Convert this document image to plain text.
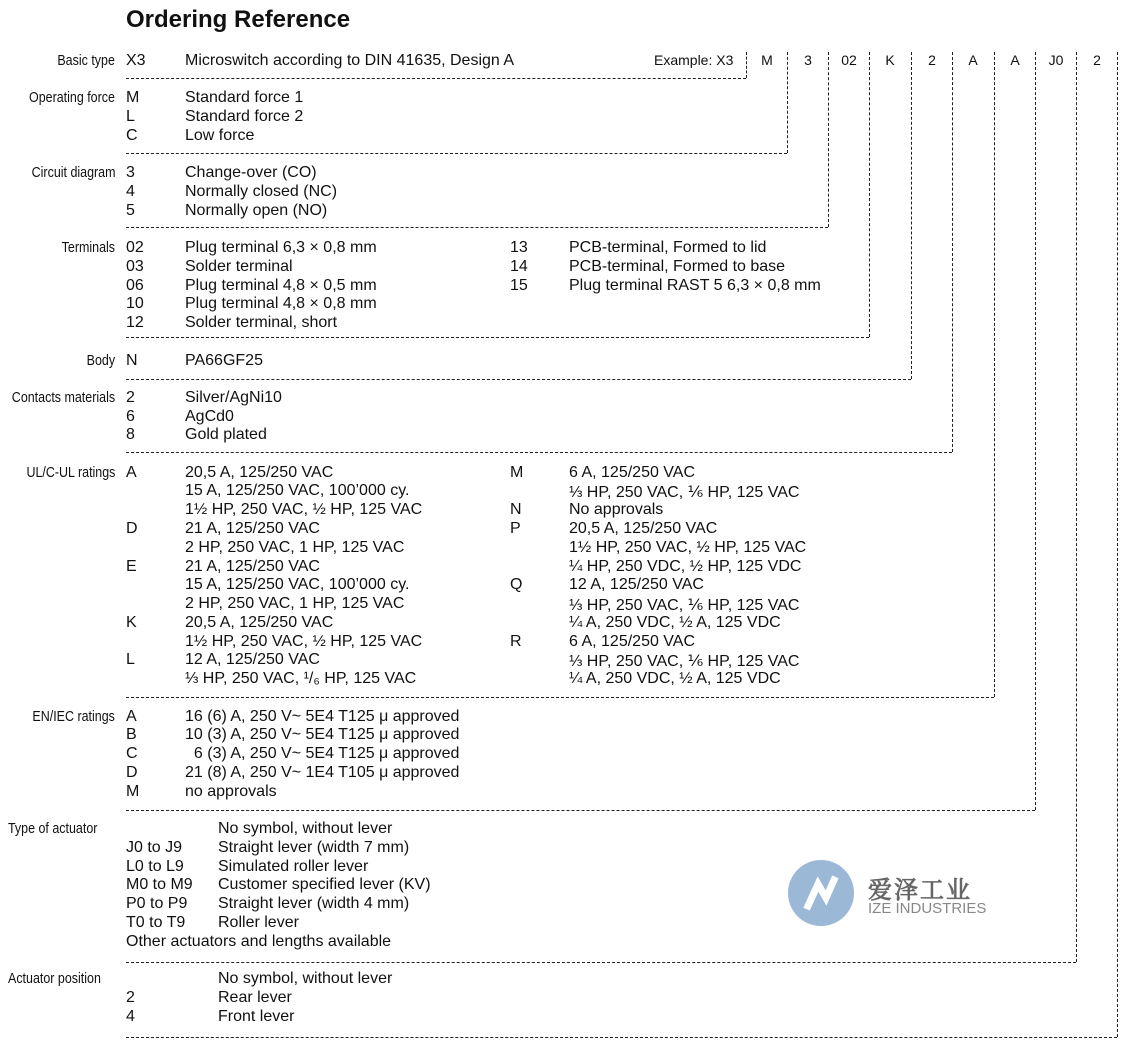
Ordering Reference
Example: X3	M	3	02	K	2	A	A	J0	2
Basic type X3 Microswitch according to DIN 41635, Design A
Operating force M	Standard force 1
L	Standard force 2
C	Low force
Circuit diagram 3	Change-over (CO)
4	Normally closed (NC)
5	Normally open (NO)
Terminals 02	Plug terminal 6,3 × 0,8 mm
03	Solder terminal
06	Plug terminal 4,8 × 0,5 mm
10	Plug terminal 4,8 × 0,8 mm
12	Solder terminal, short
13	PCB-terminal, Formed to lid
14	PCB-terminal, Formed to base
15	Plug terminal RAST 5 6,3 × 0,8 mm
Body N	PA66GF25
Contacts materials 2	Silver/AgNi10
6	AgCd0
8	Gold plated
UL/C-UL ratings A	20,5 A, 125/250 VAC
15 A, 125/250 VAC, 100’000 cy.
1½ HP, 250 VAC, ½ HP, 125 VAC
D	21 A, 125/250 VAC
2 HP, 250 VAC, 1 HP, 125 VAC
E	21 A, 125/250 VAC
15 A, 125/250 VAC, 100’000 cy.
2 HP, 250 VAC, 1 HP, 125 VAC
K	20,5 A, 125/250 VAC
1½ HP, 250 VAC, ½ HP, 125 VAC
L	12 A, 125/250 VAC
⅓ HP, 250 VAC, ¹/₆ HP, 125 VAC
M	6 A, 125/250 VAC
⅓ HP, 250 VAC, ⅙ HP, 125 VAC
N	No approvals
P	20,5 A, 125/250 VAC
1½ HP, 250 VAC, ½ HP, 125 VAC
¼ HP, 250 VDC, ½ HP, 125 VDC
Q	12 A, 125/250 VAC
⅓ HP, 250 VAC, ⅙ HP, 125 VAC
¼ A, 250 VDC, ½ A, 125 VDC
R	6 A, 125/250 VAC
⅓ HP, 250 VAC, ⅙ HP, 125 VAC
¼ A, 250 VDC, ½ A, 125 VDC
EN/IEC ratings A	16 (6) A, 250 V~ 5E4 T125 μ approved
B	10 (3) A, 250 V~ 5E4 T125 μ approved
C	6 (3) A, 250 V~ 5E4 T125 μ approved
D	21 (8) A, 250 V~ 1E4 T105 μ approved
M	no approvals
Type of actuator	No symbol, without lever
J0 to J9 Straight lever (width 7 mm)
L0 to L9 Simulated roller lever
M0 to M9 Customer specified lever (KV)
P0 to P9 Straight lever (width 4 mm)
T0 to T9 Roller lever
Other actuators and lengths available
Actuator position	No symbol, without lever
2	Rear lever
4	Front lever
爱泽工业
IZE INDUSTRIES
